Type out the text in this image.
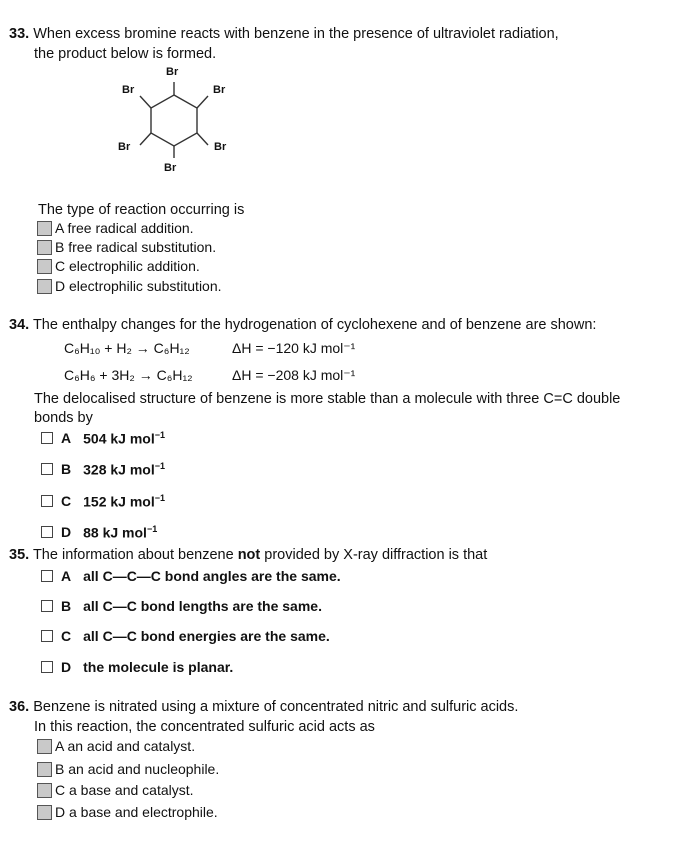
33. When excess bromine reacts with benzene in the presence of ultraviolet radiation,
the product below is formed.
Br
Br	Br
Br	Br
Br
The type of reaction occurring is
A free radical addition.
B free radical substitution.
C electrophilic addition.
D electrophilic substitution.
34. The enthalpy changes for the hydrogenation of cyclohexene and of benzene are shown:
C₆H₁₀ + H₂ → C₆H₁₂	ΔH = −120 kJ mol⁻¹
C₆H₆ + 3H₂ → C₆H₁₂	ΔH = −208 kJ mol⁻¹
The delocalised structure of benzene is more stable than a molecule with three C=C double
bonds by
A 504 kJ mol$^{-1}$
B 328 kJ mol$^{-1}$
C 152 kJ mol$^{-1}$
D 88 kJ mol$^{-1}$
35. The information about benzene not provided by X-ray diffraction is that
A all C—C—C bond angles are the same.
B all C—C bond lengths are the same.
C all C—C bond energies are the same.
D the molecule is planar.
36. Benzene is nitrated using a mixture of concentrated nitric and sulfuric acids.
In this reaction, the concentrated sulfuric acid acts as
A an acid and catalyst.
B an acid and nucleophile.
C a base and catalyst.
D a base and electrophile.
